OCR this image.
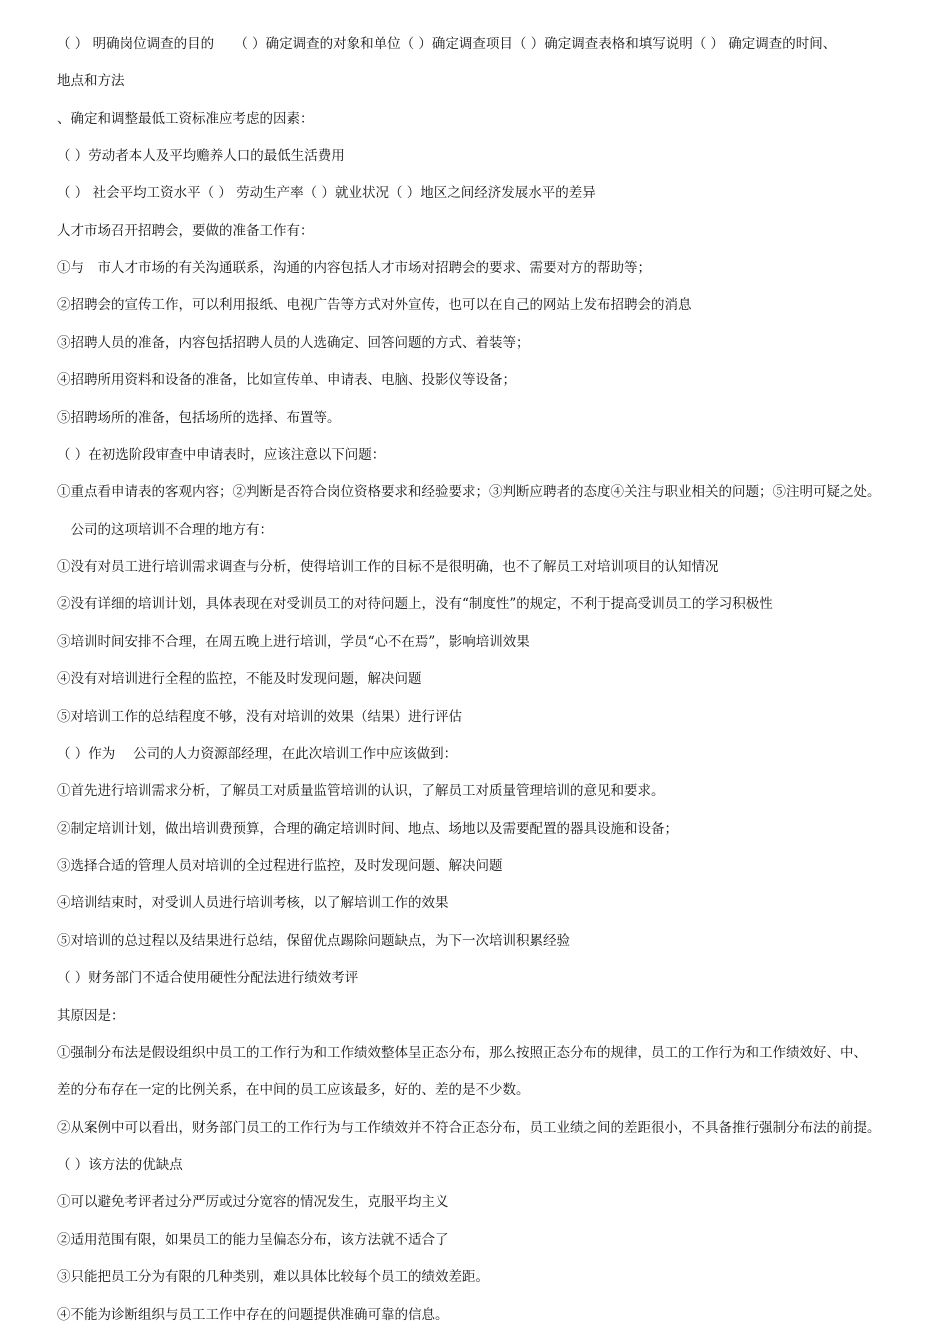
（ ） 明确岗位调查的目的　　（ ）确定调查的对象和单位（ ）确定调查项目（ ）确定调查表格和填写说明（ ） 确定调查的时间、
地点和方法
、确定和调整最低工资标准应考虑的因素：
（ ）劳动者本人及平均赡养人口的最低生活费用
（ ） 社会平均工资水平（ ） 劳动生产率（ ）就业状况（ ）地区之间经济发展水平的差异
人才市场召开招聘会，要做的准备工作有：
①与　市人才市场的有关沟通联系，沟通的内容包括人才市场对招聘会的要求、需要对方的帮助等；
②招聘会的宣传工作，可以利用报纸、电视广告等方式对外宣传，也可以在自己的网站上发布招聘会的消息
③招聘人员的准备，内容包括招聘人员的人选确定、回答问题的方式、着装等；
④招聘所用资料和设备的准备，比如宣传单、申请表、电脑、投影仪等设备；
⑤招聘场所的准备，包括场所的选择、布置等。
（ ）在初选阶段审查中申请表时，应该注意以下问题：
①重点看申请表的客观内容；②判断是否符合岗位资格要求和经验要求；③判断应聘者的态度④关注与职业相关的问题；⑤注明可疑之处。
　公司的这项培训不合理的地方有：
①没有对员工进行培训需求调查与分析，使得培训工作的目标不是很明确，也不了解员工对培训项目的认知情况
②没有详细的培训计划，具体表现在对受训员工的对待问题上，没有“制度性”的规定，不利于提高受训员工的学习积极性
③培训时间安排不合理，在周五晚上进行培训，学员“心不在焉”，影响培训效果
④没有对培训进行全程的监控，不能及时发现问题，解决问题
⑤对培训工作的总结程度不够，没有对培训的效果（结果）进行评估
（ ）作为　 公司的人力资源部经理，在此次培训工作中应该做到：
①首先进行培训需求分析，了解员工对质量监管培训的认识，了解员工对质量管理培训的意见和要求。
②制定培训计划，做出培训费预算，合理的确定培训时间、地点、场地以及需要配置的器具设施和设备；
③选择合适的管理人员对培训的全过程进行监控，及时发现问题、解决问题
④培训结束时，对受训人员进行培训考核，以了解培训工作的效果
⑤对培训的总过程以及结果进行总结，保留优点踢除问题缺点，为下一次培训积累经验
（ ）财务部门不适合使用硬性分配法进行绩效考评
其原因是：
①强制分布法是假设组织中员工的工作行为和工作绩效整体呈正态分布，那么按照正态分布的规律，员工的工作行为和工作绩效好、中、
差的分布存在一定的比例关系，在中间的员工应该最多，好的、差的是不少数。
②从案例中可以看出，财务部门员工的工作行为与工作绩效并不符合正态分布，员工业绩之间的差距很小，不具备推行强制分布法的前提。
（ ）该方法的优缺点
①可以避免考评者过分严厉或过分宽容的情况发生，克服平均主义
②适用范围有限，如果员工的能力呈偏态分布，该方法就不适合了
③只能把员工分为有限的几种类别，难以具体比较每个员工的绩效差距。
④不能为诊断组织与员工工作中存在的问题提供准确可靠的信息。
